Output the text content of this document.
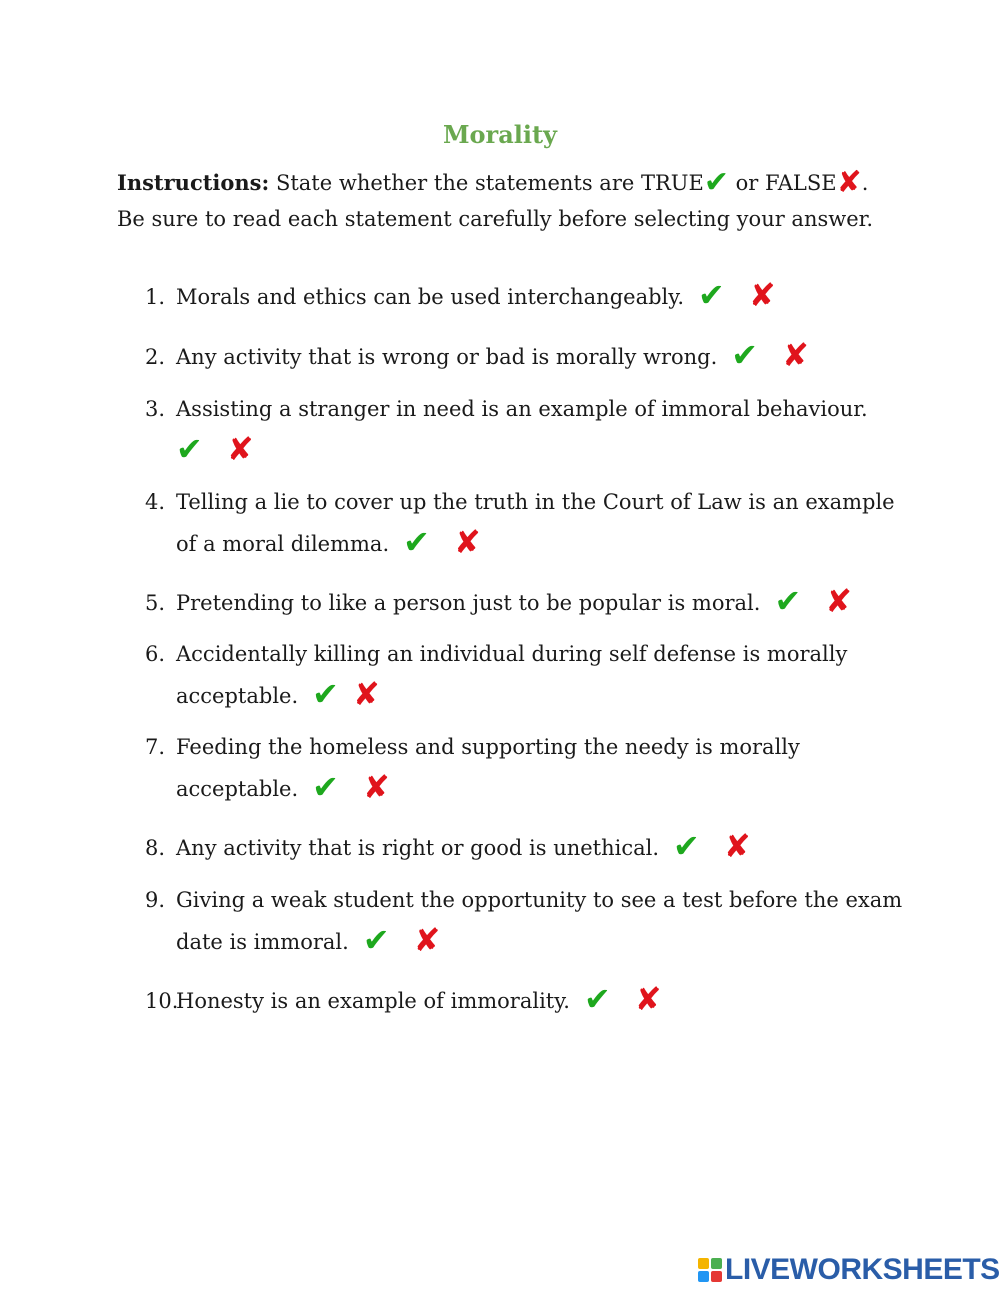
Morality

Instructions: State whether the statements are TRUE✔ or FALSE✘.
Be sure to read each statement carefully before selecting your answer.

1. Morals and ethics can be used interchangeably. ✔ ✘
2. Any activity that is wrong or bad is morally wrong. ✔ ✘
3. Assisting a stranger in need is an example of immoral behaviour.
✔ ✘
4. Telling a lie to cover up the truth in the Court of Law is an example of a moral dilemma. ✔ ✘
5. Pretending to like a person just to be popular is moral. ✔ ✘
6. Accidentally killing an individual during self defense is morally acceptable. ✔ ✘
7. Feeding the homeless and supporting the needy is morally acceptable. ✔ ✘
8. Any activity that is right or good is unethical. ✔ ✘
9. Giving a weak student the opportunity to see a test before the exam date is immoral. ✔ ✘
10.
Honesty is an example of immorality. ✔ ✘
LIVEWORKSHEETS
